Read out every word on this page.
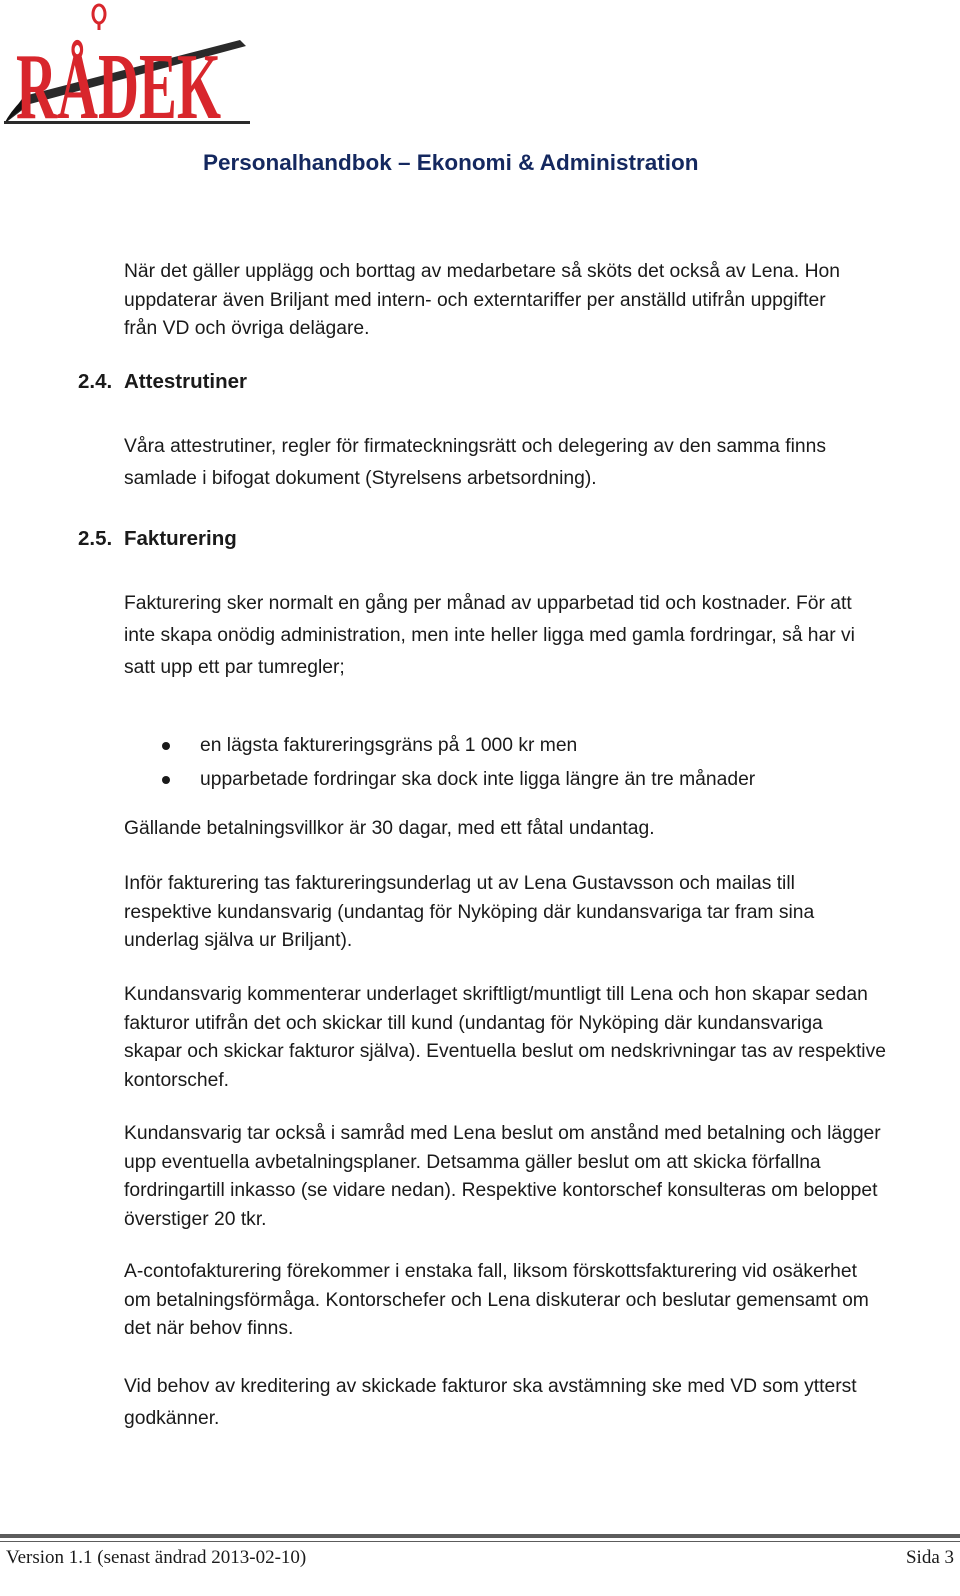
RÅDEK
Personalhandbok – Ekonomi & Administration

När det gäller upplägg och borttag av medarbetare så sköts det också av Lena. Hon
uppdaterar även Briljant med intern- och externtariffer per anställd utifrån uppgifter
från VD och övriga delägare.

2.4. Attestrutiner

Våra attestrutiner, regler för firmateckningsrätt och delegering av den samma finns
samlade i bifogat dokument (Styrelsens arbetsordning).

2.5. Fakturering

Fakturering sker normalt en gång per månad av upparbetad tid och kostnader. För att
inte skapa onödig administration, men inte heller ligga med gamla fordringar, så har vi
satt upp ett par tumregler;

en lägsta faktureringsgräns på 1 000 kr men
upparbetade fordringar ska dock inte ligga längre än tre månader

Gällande betalningsvillkor är 30 dagar, med ett fåtal undantag.

Inför fakturering tas faktureringsunderlag ut av Lena Gustavsson och mailas till
respektive kundansvarig (undantag för Nyköping där kundansvariga tar fram sina
underlag själva ur Briljant).

Kundansvarig kommenterar underlaget skriftligt/muntligt till Lena och hon skapar sedan
fakturor utifrån det och skickar till kund (undantag för Nyköping där kundansvariga
skapar och skickar fakturor själva). Eventuella beslut om nedskrivningar tas av respektive
kontorschef.

Kundansvarig tar också i samråd med Lena beslut om anstånd med betalning och lägger
upp eventuella avbetalningsplaner. Detsamma gäller beslut om att skicka förfallna
fordringartill inkasso (se vidare nedan). Respektive kontorschef konsulteras om beloppet
överstiger 20 tkr.

A-contofakturering förekommer i enstaka fall, liksom förskottsfakturering vid osäkerhet
om betalningsförmåga. Kontorschefer och Lena diskuterar och beslutar gemensamt om
det när behov finns.

Vid behov av kreditering av skickade fakturor ska avstämning ske med VD som ytterst
godkänner.

Version 1.1 (senast ändrad 2013-02-10)	Sida 3
